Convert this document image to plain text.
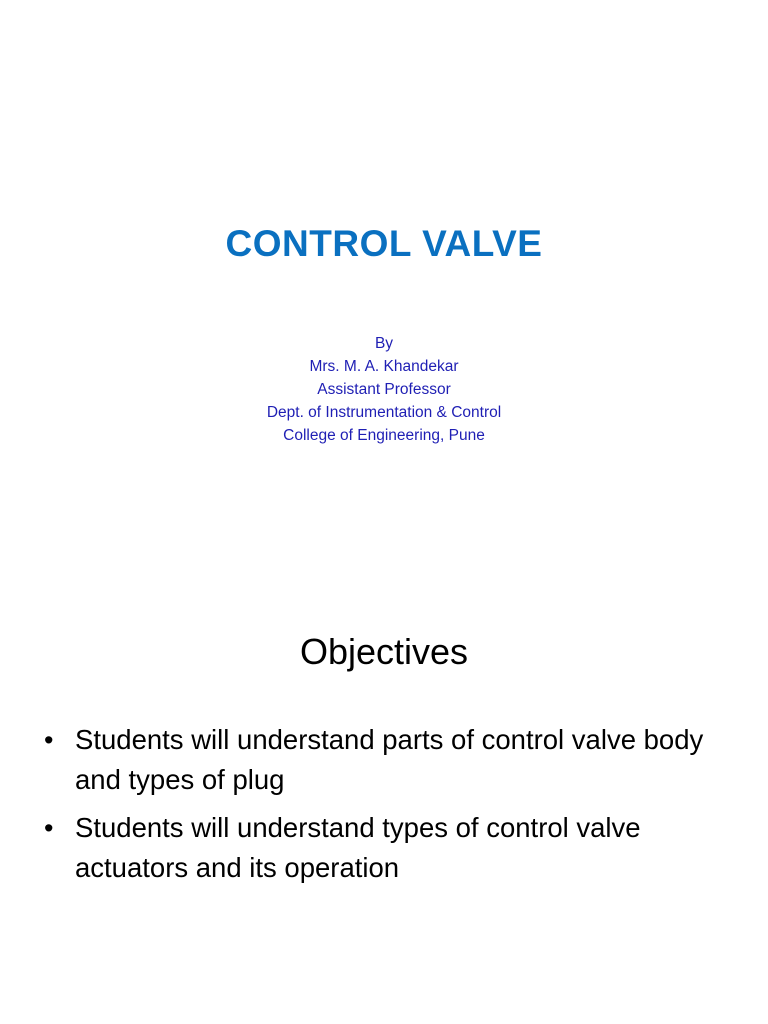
CONTROL VALVE
By
Mrs. M. A. Khandekar
Assistant Professor
Dept. of Instrumentation & Control
College of Engineering, Pune
Objectives
• Students will understand parts of control valve body and types of plug
• Students will understand types of control valve actuators and its operation
